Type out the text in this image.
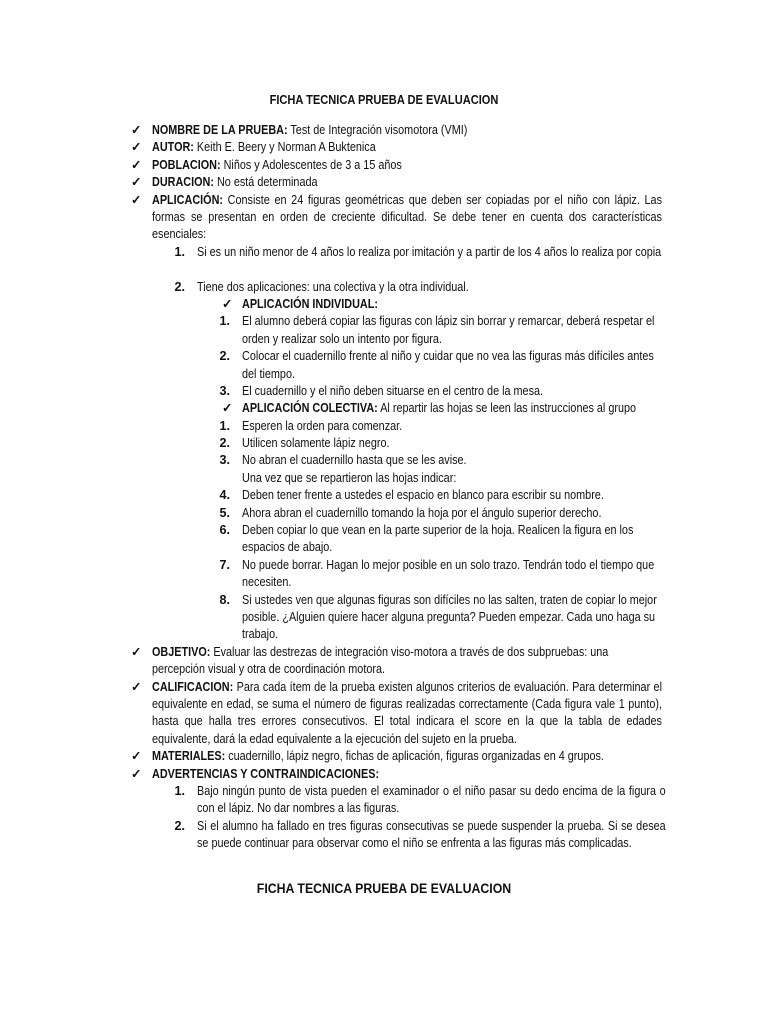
FICHA TECNICA PRUEBA DE EVALUACION
✓ NOMBRE DE LA PRUEBA: Test de Integración visomotora (VMI)
✓ AUTOR: Keith E. Beery y Norman A Buktenica
✓ POBLACION: Niños y Adolescentes de 3 a 15 años
✓ DURACION: No está determinada
✓ APLICACIÓN: Consiste en 24 figuras geométricas que deben ser copiadas por el niño con lápiz. Las formas se presentan en orden de creciente dificultad. Se debe tener en cuenta dos características esenciales:
1. Si es un niño menor de 4 años lo realiza por imitación y a partir de los 4 años lo realiza por copia
2. Tiene dos aplicaciones: una colectiva y la otra individual.
✓ APLICACIÓN INDIVIDUAL:
1. El alumno deberá copiar las figuras con lápiz sin borrar y remarcar, deberá respetar el orden y realizar solo un intento por figura.
2. Colocar el cuadernillo frente al niño y cuidar que no vea las figuras más difíciles antes del tiempo.
3. El cuadernillo y el niño deben situarse en el centro de la mesa.
✓ APLICACIÓN COLECTIVA: Al repartir las hojas se leen las instrucciones al grupo
1. Esperen la orden para comenzar.
2. Utilicen solamente lápiz negro.
3. No abran el cuadernillo hasta que se les avise.
Una vez que se repartieron las hojas indicar:
4. Deben tener frente a ustedes el espacio en blanco para escribir su nombre.
5. Ahora abran el cuadernillo tomando la hoja por el ángulo superior derecho.
6. Deben copiar lo que vean en la parte superior de la hoja. Realicen la figura en los espacios de abajo.
7. No puede borrar. Hagan lo mejor posible en un solo trazo. Tendrán todo el tiempo que necesiten.
8. Si ustedes ven que algunas figuras son difíciles no las salten, traten de copiar lo mejor posible. ¿Alguien quiere hacer alguna pregunta? Pueden empezar. Cada uno haga su trabajo.
✓ OBJETIVO: Evaluar las destrezas de integración viso-motora a través de dos subpruebas: una percepción visual y otra de coordinación motora.
✓ CALIFICACION: Para cada ítem de la prueba existen algunos criterios de evaluación. Para determinar el equivalente en edad, se suma el número de figuras realizadas correctamente (Cada figura vale 1 punto), hasta que halla tres errores consecutivos. El total indicara el score en la que la tabla de edades equivalente, dará la edad equivalente a la ejecución del sujeto en la prueba.
✓ MATERIALES: cuadernillo, lápiz negro, fichas de aplicación, figuras organizadas en 4 grupos.
✓ ADVERTENCIAS Y CONTRAINDICACIONES:
1. Bajo ningún punto de vista pueden el examinador o el niño pasar su dedo encima de la figura o con el lápiz. No dar nombres a las figuras.
2. Si el alumno ha fallado en tres figuras consecutivas se puede suspender la prueba. Si se desea se puede continuar para observar como el niño se enfrenta a las figuras más complicadas.
FICHA TECNICA PRUEBA DE EVALUACION
